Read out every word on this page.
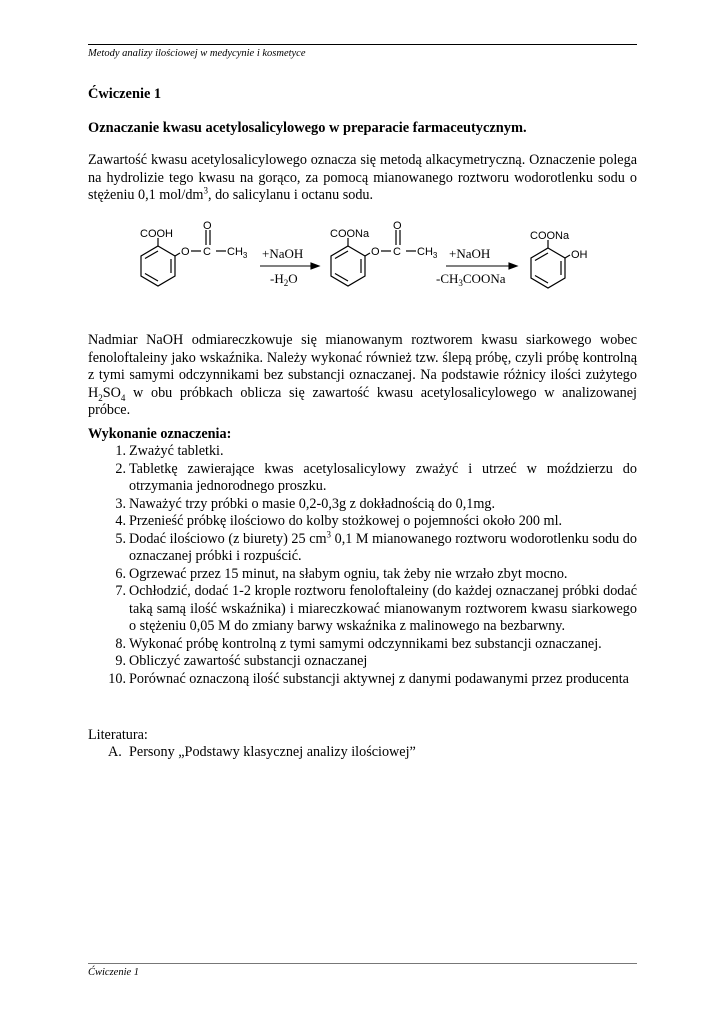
Metody analizy ilościowej w medycynie i kosmetyce
Ćwiczenie 1
Oznaczanie kwasu acetylosalicylowego w preparacie farmaceutycznym.

Zawartość kwasu acetylosalicylowego oznacza się metodą alkacymetryczną. Oznaczenie polega na hydrolizie tego kwasu na gorąco, za pomocą mianowanego roztworu wodorotlenku sodu o stężeniu 0,1 mol/$dm^3$, do salicylanu i octanu sodu.

COOH
O
O C $CH_3$ +NaOH
$-H_2O$
COONa
O
O C $CH_3$ +NaOH
$-CH_3COONa$
COONa
OH

Nadmiar NaOH odmiareczkowuje się mianowanym roztworem kwasu siarkowego wobec fenoloftaleiny jako wskaźnika. Należy wykonać również tzw. ślepą próbę, czyli próbę kontrolną z tymi samymi odczynnikami bez substancji oznaczanej. Na podstawie różnicy ilości zużytego $H_2SO_4$ w obu próbkach oblicza się zawartość kwasu acetylosalicylowego w analizowanej próbce.

Wykonanie oznaczenia:

1. Zważyć tabletki.
2. Tabletkę zawierające kwas acetylosalicylowy zważyć i utrzeć w moździerzu do otrzymania jednorodnego proszku.
3. Naważyć trzy próbki o masie 0,2-0,3g z dokładnością do 0,1mg.
4. Przenieść próbkę ilościowo do kolby stożkowej o pojemności około 200 ml.
5. Dodać ilościowo (z biurety) 25 $cm^3$ 0,1 M mianowanego roztworu wodorotlenku sodu do oznaczanej próbki i rozpuścić.
6. Ogrzewać przez 15 minut, na słabym ogniu, tak żeby nie wrzało zbyt mocno.
7. Ochłodzić, dodać 1-2 krople roztworu fenoloftaleiny (do każdej oznaczanej próbki dodać taką samą ilość wskaźnika) i miareczkować mianowanym roztworem kwasu siarkowego o stężeniu 0,05 M do zmiany barwy wskaźnika z malinowego na bezbarwny.
8. Wykonać próbę kontrolną z tymi samymi odczynnikami bez substancji oznaczanej.
9. Obliczyć zawartość substancji oznaczanej
10. Porównać oznaczoną ilość substancji aktywnej z danymi podawanymi przez producenta

Literatura:

A. Persony „Podstawy klasycznej analizy ilościowej”
Ćwiczenie 1
